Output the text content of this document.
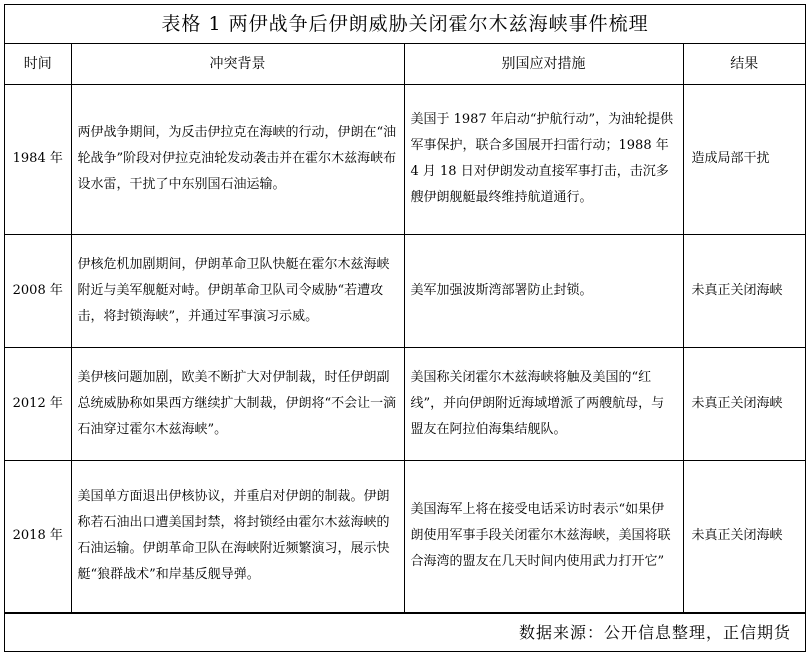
表格 1 两伊战争后伊朗威胁关闭霍尔木兹海峡事件梳理
时间	冲突背景	别国应对措施	结果
1984 年	两伊战争期间，为反击伊拉克在海峡的行动，伊朗在“油轮战争”阶段对伊拉克油轮发动袭击并在霍尔木兹海峡布设水雷，干扰了中东别国石油运输。	美国于 1987 年启动“护航行动”，为油轮提供军事保护，联合多国展开扫雷行动；1988 年 4 月 18 日对伊朗发动直接军事打击，击沉多艘伊朗舰艇最终维持航道通行。	造成局部干扰
2008 年	伊核危机加剧期间，伊朗革命卫队快艇在霍尔木兹海峡附近与美军舰艇对峙。伊朗革命卫队司令威胁“若遭攻击，将封锁海峡”，并通过军事演习示威。	美军加强波斯湾部署防止封锁。	未真正关闭海峡
2012 年	美伊核问题加剧，欧美不断扩大对伊制裁，时任伊朗副总统威胁称如果西方继续扩大制裁，伊朗将“不会让一滴石油穿过霍尔木兹海峡”。	美国称关闭霍尔木兹海峡将触及美国的“红线”，并向伊朗附近海域增派了两艘航母，与盟友在阿拉伯海集结舰队。	未真正关闭海峡
2018 年	美国单方面退出伊核协议，并重启对伊朗的制裁。伊朗称若石油出口遭美国封禁，将封锁经由霍尔木兹海峡的石油运输。伊朗革命卫队在海峡附近频繁演习，展示快艇“狼群战术”和岸基反舰导弹。	美国海军上将在接受电话采访时表示“如果伊朗使用军事手段关闭霍尔木兹海峡，美国将联合海湾的盟友在几天时间内使用武力打开它”	未真正关闭海峡
数据来源：公开信息整理，正信期货
